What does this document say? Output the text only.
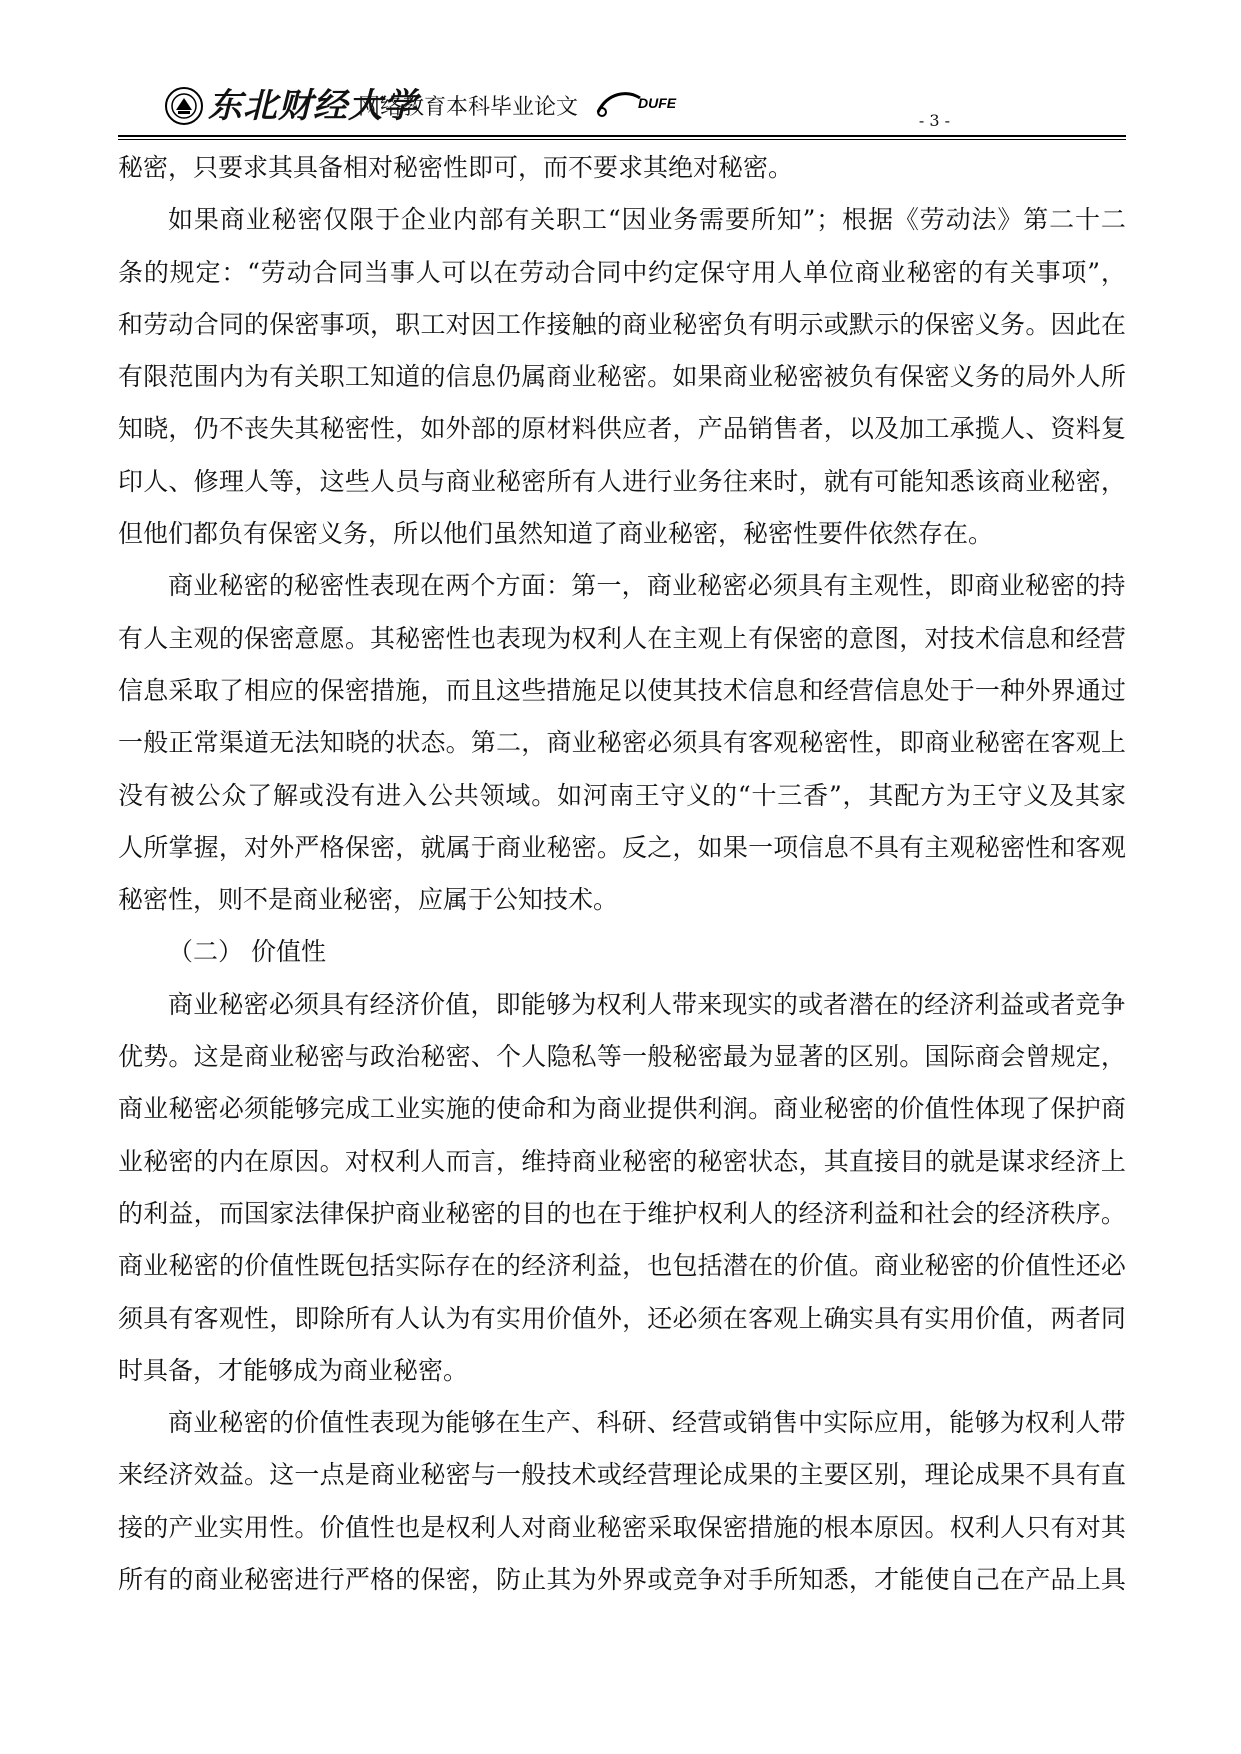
东北财经大学
网络教育本科毕业论文	DUFE
- 3 -
秘密，只要求其具备相对秘密性即可，而不要求其绝对秘密。
如 果 商 业 秘 密 仅 限 于 企 业 内 部 有 关 职 工 “ 因 业 务 需 要 所 知 ” ； 根 据 《 劳 动 法 》 第 二 十 二
条 的 规 定 ： “ 劳 动 合 同 当 事 人 可 以 在 劳 动 合 同 中 约 定 保 守 用 人 单 位 商 业 秘 密 的 有 关 事 项 ” ，
和 劳 动 合 同 的 保 密 事 项 ， 职 工 对 因 工 作 接 触 的 商 业 秘 密 负 有 明 示 或 默 示 的 保 密 义 务 。 因 此 在
有 限 范 围 内 为 有 关 职 工 知 道 的 信 息 仍 属 商 业 秘 密 。 如 果 商 业 秘 密 被 负 有 保 密 义 务 的 局 外 人 所
知 晓 ， 仍 不 丧 失 其 秘 密 性 ， 如 外 部 的 原 材 料 供 应 者 ， 产 品 销 售 者 ， 以 及 加 工 承 揽 人 、 资 料 复
印 人 、 修 理 人 等 ， 这 些 人 员 与 商 业 秘 密 所 有 人 进 行 业 务 往 来 时 ， 就 有 可 能 知 悉 该 商 业 秘 密 ，
但他们都负有保密义务，所以他们虽然知道了商业秘密，秘密性要件依然存在。
商 业 秘 密 的 秘 密 性 表 现 在 两 个 方 面 ： 第 一 ， 商 业 秘 密 必 须 具 有 主 观 性 ， 即 商 业 秘 密 的 持
有 人 主 观 的 保 密 意 愿 。 其 秘 密 性 也 表 现 为 权 利 人 在 主 观 上 有 保 密 的 意 图 ， 对 技 术 信 息 和 经 营
信 息 采 取 了 相 应 的 保 密 措 施 ， 而 且 这 些 措 施 足 以 使 其 技 术 信 息 和 经 营 信 息 处 于 一 种 外 界 通 过
一 般 正 常 渠 道 无 法 知 晓 的 状 态 。 第 二 ， 商 业 秘 密 必 须 具 有 客 观 秘 密 性 ， 即 商 业 秘 密 在 客 观 上
没 有 被 公 众 了 解 或 没 有 进 入 公 共 领 域 。 如 河 南 王 守 义 的 “ 十 三 香 ” ， 其 配 方 为 王 守 义 及 其 家
人 所 掌 握 ， 对 外 严 格 保 密 ， 就 属 于 商 业 秘 密 。 反 之 ， 如 果 一 项 信 息 不 具 有 主 观 秘 密 性 和 客 观
秘密性，则不是商业秘密，应属于公知技术。
（二） 价值性
商 业 秘 密 必 须 具 有 经 济 价 值 ， 即 能 够 为 权 利 人 带 来 现 实 的 或 者 潜 在 的 经 济 利 益 或 者 竞 争
优 势 。 这 是 商 业 秘 密 与 政 治 秘 密 、 个 人 隐 私 等 一 般 秘 密 最 为 显 著 的 区 别 。 国 际 商 会 曾 规 定 ，
商 业 秘 密 必 须 能 够 完 成 工 业 实 施 的 使 命 和 为 商 业 提 供 利 润 。 商 业 秘 密 的 价 值 性 体 现 了 保 护 商
业 秘 密 的 内 在 原 因 。 对 权 利 人 而 言 ， 维 持 商 业 秘 密 的 秘 密 状 态 ， 其 直 接 目 的 就 是 谋 求 经 济 上
的 利 益 ， 而 国 家 法 律 保 护 商 业 秘 密 的 目 的 也 在 于 维 护 权 利 人 的 经 济 利 益 和 社 会 的 经 济 秩 序 。
商 业 秘 密 的 价 值 性 既 包 括 实 际 存 在 的 经 济 利 益 ， 也 包 括 潜 在 的 价 值 。 商 业 秘 密 的 价 值 性 还 必
须 具 有 客 观 性 ， 即 除 所 有 人 认 为 有 实 用 价 值 外 ， 还 必 须 在 客 观 上 确 实 具 有 实 用 价 值 ， 两 者 同
时具备，才能够成为商业秘密。
商 业 秘 密 的 价 值 性 表 现 为 能 够 在 生 产 、 科 研 、 经 营 或 销 售 中 实 际 应 用 ， 能 够 为 权 利 人 带
来 经 济 效 益 。 这 一 点 是 商 业 秘 密 与 一 般 技 术 或 经 营 理 论 成 果 的 主 要 区 别 ， 理 论 成 果 不 具 有 直
接 的 产 业 实 用 性 。 价 值 性 也 是 权 利 人 对 商 业 秘 密 采 取 保 密 措 施 的 根 本 原 因 。 权 利 人 只 有 对 其
所 有 的 商 业 秘 密 进 行 严 格 的 保 密 ， 防 止 其 为 外 界 或 竞 争 对 手 所 知 悉 ， 才 能 使 自 己 在 产 品 上 具
